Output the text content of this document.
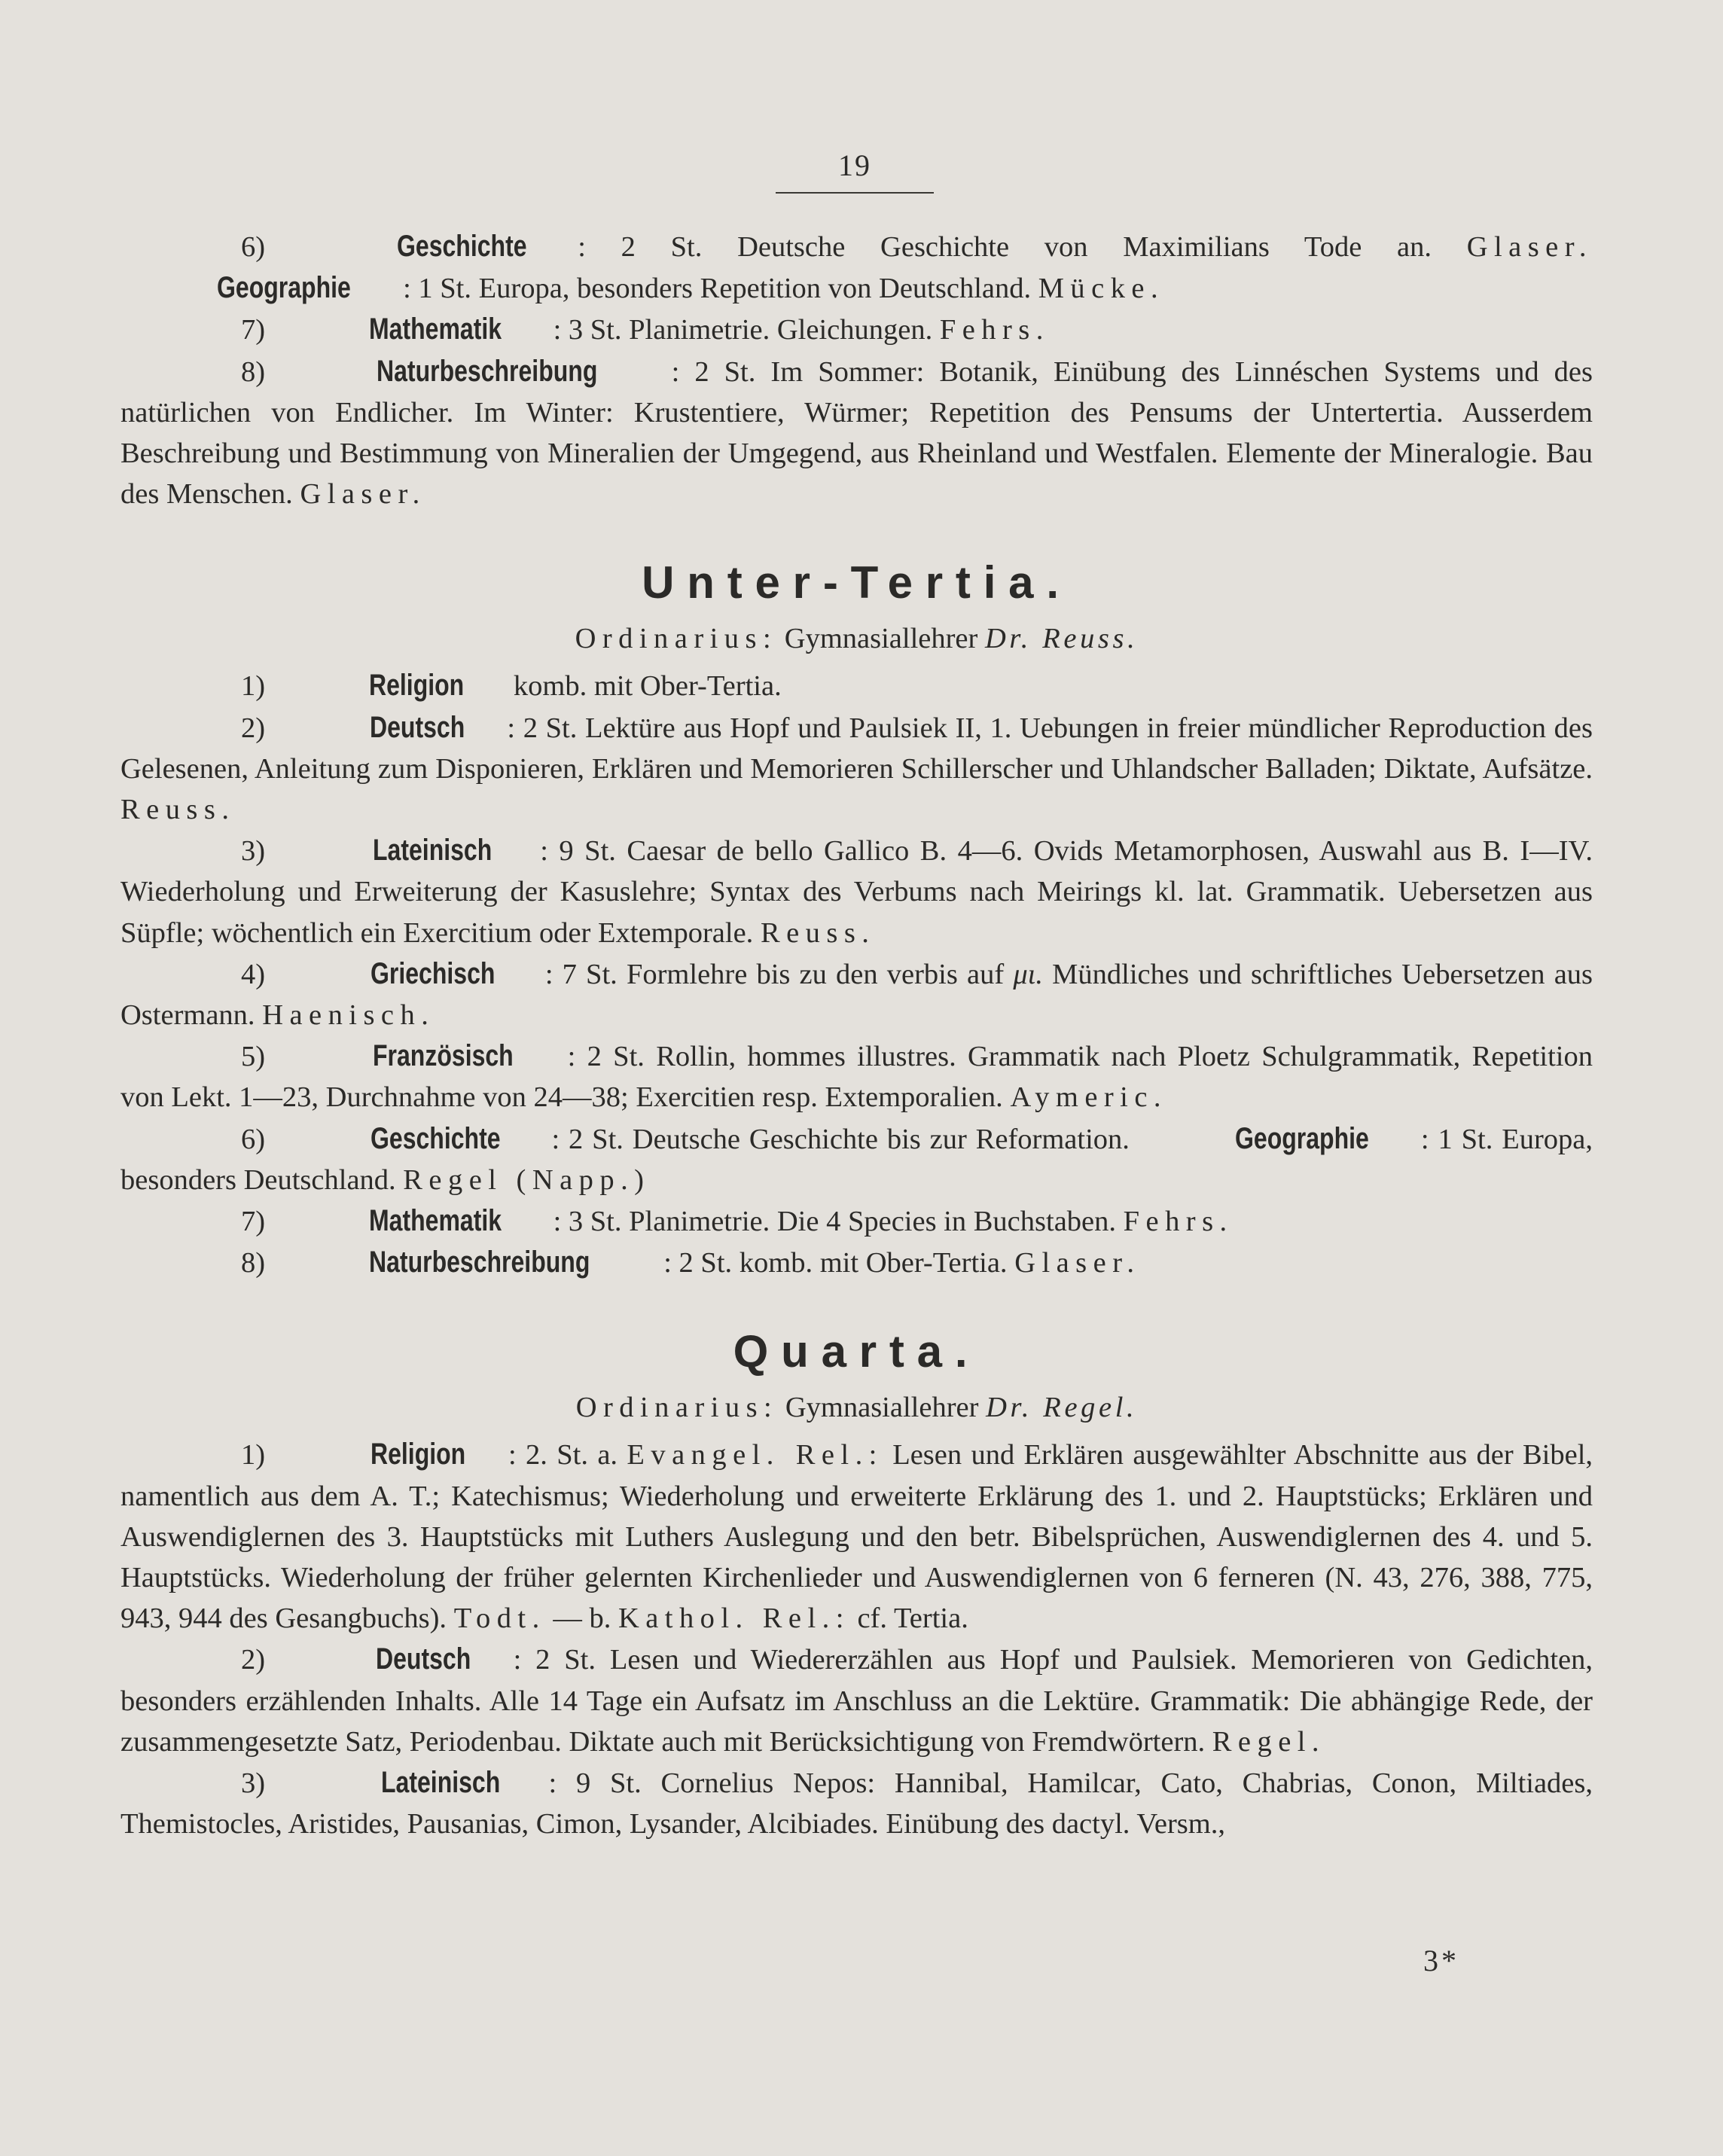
19

6)	Geschichte : 2 St. Deutsche Geschichte von Maximilians Tode an. Glaser. Geographie : 1 St. Europa, besonders Repetition von Deutschland. Mücke.

7)	Mathematik : 3 St. Planimetrie. Gleichungen. Fehrs.

8)	Naturbeschreibung	: 2 St. Im Sommer: Botanik, Einübung des Linnéschen Systems und des natürlichen von Endlicher. Im Winter: Krustentiere, Würmer; Repetition des Pensums der Untertertia. Ausserdem Beschreibung und Bestimmung von Mineralien der Umgegend, aus Rheinland und Westfalen. Elemente der Mineralogie. Bau des Menschen. Glaser.

Unter-Tertia.
Ordinarius: Gymnasiallehrer Dr. Reuss.

1)	Religion komb. mit Ober-Tertia.

2)	Deutsch : 2 St. Lektüre aus Hopf und Paulsiek II, 1. Uebungen in freier mündlicher Reproduction des Gelesenen, Anleitung zum Disponieren, Erklären und Memorieren Schillerscher und Uhlandscher Balladen; Diktate, Aufsätze. Reuss.

3)	Lateinisch : 9 St. Caesar de bello Gallico B. 4—6. Ovids Metamorphosen, Auswahl aus B. I—IV. Wiederholung und Erweiterung der Kasuslehre; Syntax des Verbums nach Meirings kl. lat. Grammatik. Uebersetzen aus Süpfle; wöchentlich ein Exercitium oder Extemporale. Reuss.

4)	Griechisch : 7 St. Formlehre bis zu den verbis auf μι. Mündliches und schriftliches Uebersetzen aus Ostermann. Haenisch.

5)	Französisch : 2 St. Rollin, hommes illustres. Grammatik nach Ploetz Schulgrammatik, Repetition von Lekt. 1—23, Durchnahme von 24—38; Exercitien resp. Extemporalien. Aymeric.

6)	Geschichte : 2 St. Deutsche Geschichte bis zur Reformation.	Geographie : 1 St. Europa, besonders Deutschland. Regel (Napp.)

7)	Mathematik : 3 St. Planimetrie. Die 4 Species in Buchstaben. Fehrs.

8)	Naturbeschreibung	: 2 St. komb. mit Ober-Tertia. Glaser.

Quarta.
Ordinarius: Gymnasiallehrer Dr. Regel.

1)	Religion : 2. St. a. Evangel. Rel.: Lesen und Erklären ausgewählter Abschnitte aus der Bibel, namentlich aus dem A. T.; Katechismus; Wiederholung und erweiterte Erklärung des 1. und 2. Hauptstücks; Erklären und Auswendiglernen des 3. Hauptstücks mit Luthers Auslegung und den betr. Bibelsprüchen, Auswendiglernen des 4. und 5. Hauptstücks. Wiederholung der früher gelernten Kirchenlieder und Auswendiglernen von 6 ferneren (N. 43, 276, 388, 775, 943, 944 des Gesangbuchs). Todt. — b. Kathol. Rel.: cf. Tertia.

2)	Deutsch : 2 St. Lesen und Wiedererzählen aus Hopf und Paulsiek. Memorieren von Gedichten, besonders erzählenden Inhalts. Alle 14 Tage ein Aufsatz im Anschluss an die Lektüre. Grammatik: Die abhängige Rede, der zusammengesetzte Satz, Periodenbau. Diktate auch mit Berücksichtigung von Fremdwörtern. Regel.

3)	Lateinisch : 9 St. Cornelius Nepos: Hannibal, Hamilcar, Cato, Chabrias, Conon, Miltiades, Themistocles, Aristides, Pausanias, Cimon, Lysander, Alcibiades. Einübung des dactyl. Versm.,

3*
